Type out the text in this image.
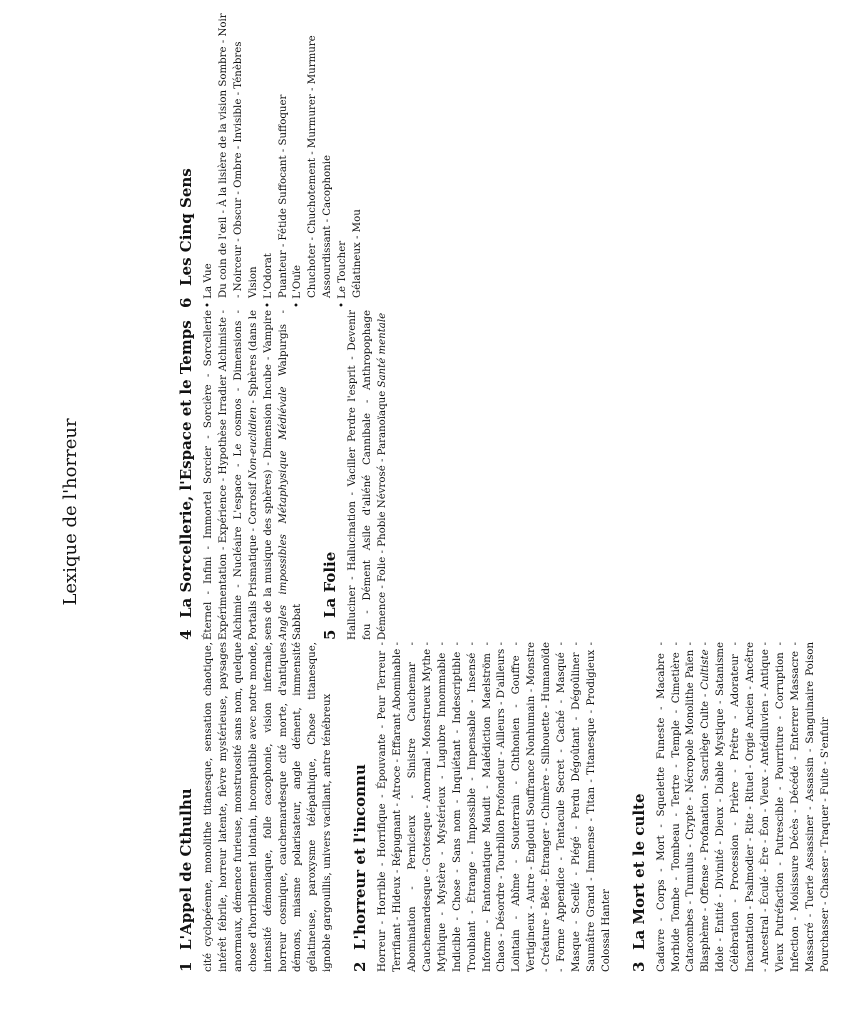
Lexique de l'horreur
1L'Appel de Cthulhu cité cyclopéenne, monolithe titanesque, sensation chaotique, intérêt fébrile, horreur latente, fièvre mystérieuse, paysages anormaux, démence furieuse, monstruosité sans nom, quelque chose d'horriblement lointain, incompatible avec notre monde, intensité démoniaque, folle cacophonie, vision infernale, horreur cosmique, cauchemardesque cité morte, d'antiques démons, miasme polarisateur, angle dément, immensité gélatineuse, paroxysme télépathique, Chose titanesque, ignoble gargouillis, univers vacillant, antre ténébreux 2L'horreur et l'inconnu Horreur - Horrible - Horrifique - Épouvante - Peur Terreur - Terrifiant - Hideux - Répugnant - Atroce - Effarant Abominable - Abomination - Pernicieux - Sinistre Cauchemar - Cauchemardesque - Grotesque - Anormal - Monstrueux Mythe - Mythique - Mystère - Mystérieux - Lugubre Innommable - Indicible - Chose - Sans nom - Inquiétant - Indescriptible - Troublant - Étrange - Impossible - Impensable - Insensé - Informe - Fantomatique Maudit - Malédiction Maelström - Chaos - Désordre - Tourbillon Profondeur - Ailleurs - D'ailleurs - Lointain - Abîme - Souterrain - Chthonien - Gouffre - Vertigineux - Autre - Englouti Souffrance Nonhumain - Monstre - Créature - Bête - Étranger - Chimère - Silhouette - Humanoïde - Forme Appendice - Tentacule Secret - Caché - Masqué - Masque - Scellé - Piégé - Perdu Dégoûtant - Dégoûliner - Saumâtre Grand - Immense - Titan - Titanesque - Prodigieux - Colossal Hanter 3La Mort et le culte Cadavre - Corps - Mort - Squelette Funeste - Macabre - Morbide Tombe - Tombeau - Tertre - Temple - Cimetière - Catacombes - Tumulus - Crypte - Nécropole Monolithe Païen - Blasphème - Offense - Profanation - Sacrilège Culte - Cultiste - Idole - Entité - Divinité - Dieux - Diable Mystique - Satanisme Célébration - Procession - Prière - Prêtre - Adorateur - Incantation - Psalmodier - Rite - Rituel - Orgie Ancien - Ancêtre - Ancestral - Éculé - Ère - Éon - Vieux - Antédiluvien - Antique - Vieux Putréfaction - Putrescible - Pourriture - Corruption - Infection - Moisissure Décès - Décédé - Enterrer Massacre - Massacré - Tuerie Assassiner - Assassin - Sanguinaire Poison Pourchasser - Chasser - Traquer - Fuite - S'enfuir

4La Sorcellerie, l'Espace et le Temps Éternel - Infini - Immortel Sorcier - Sorcière - Sorcellerie Expérimentation - Expérience - Hypothèse Irradier Alchimiste - Alchimie - Nucléaire L'espace - Le cosmos - Dimensions - Portails Prismatique - Corrosif Non-euclidien - Sphères (dans le sens de la musique des sphères) - Dimension Incube - Vampire Angles impossibles Métaphysique Médiévale Walpurgis - Sabbat 5La Folie Halluciner - Hallucination - Vaciller Perdre l'esprit - Devenir fou - Dément Asile d'aliéné Cannibale - Anthropophage Démence - Folie - Phobie Névrosé - Paranoïaque Santé mentale

6Les Cinq Sens • La Vue Du coin de l'œil - À la lisière de la vision Sombre - Noir - Noirceur - Obscur - Ombre - Invisible - Ténèbres Vision • L'Odorat Puanteur - Fétide Suffocant - Suffoquer • L'Ouïe Chuchoter - Chuchotement - Murmurer - Murmure Assourdissant - Cacophonie • Le Toucher Gélatineux - Mou
